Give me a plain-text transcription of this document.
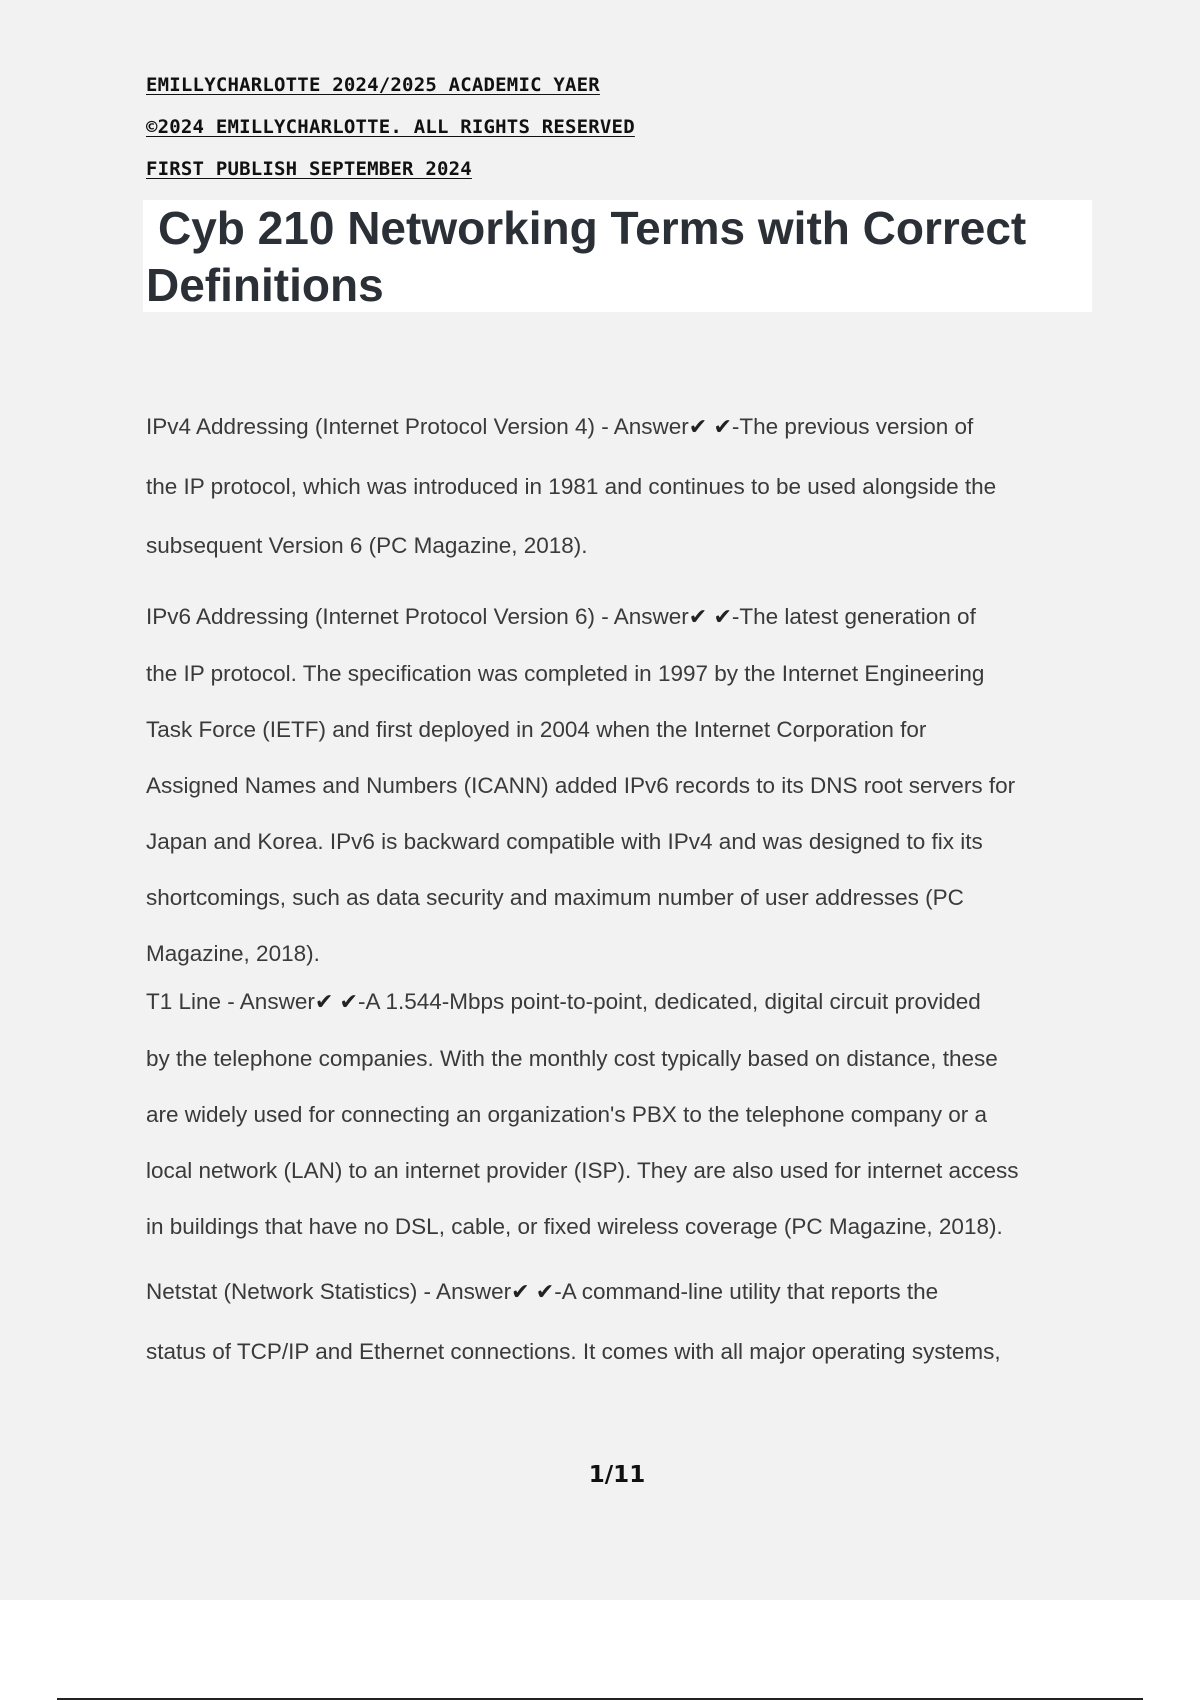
EMILLYCHARLOTTE 2024/2025 ACADEMIC YAER
©2024 EMILLYCHARLOTTE. ALL RIGHTS RESERVED
FIRST PUBLISH SEPTEMBER 2024
Cyb 210 Networking Terms with Correct
Definitions
IPv4 Addressing (Internet Protocol Version 4) - Answer✔ ✔-The previous version of
the IP protocol, which was introduced in 1981 and continues to be used alongside the
subsequent Version 6 (PC Magazine, 2018).
IPv6 Addressing (Internet Protocol Version 6) - Answer✔ ✔-The latest generation of
the IP protocol. The specification was completed in 1997 by the Internet Engineering
Task Force (IETF) and first deployed in 2004 when the Internet Corporation for
Assigned Names and Numbers (ICANN) added IPv6 records to its DNS root servers for
Japan and Korea. IPv6 is backward compatible with IPv4 and was designed to fix its
shortcomings, such as data security and maximum number of user addresses (PC
Magazine, 2018).
T1 Line - Answer✔ ✔-A 1.544-Mbps point-to-point, dedicated, digital circuit provided
by the telephone companies. With the monthly cost typically based on distance, these
are widely used for connecting an organization's PBX to the telephone company or a
local network (LAN) to an internet provider (ISP). They are also used for internet access
in buildings that have no DSL, cable, or fixed wireless coverage (PC Magazine, 2018).
Netstat (Network Statistics) - Answer✔ ✔-A command-line utility that reports the
status of TCP/IP and Ethernet connections. It comes with all major operating systems,
1/11
